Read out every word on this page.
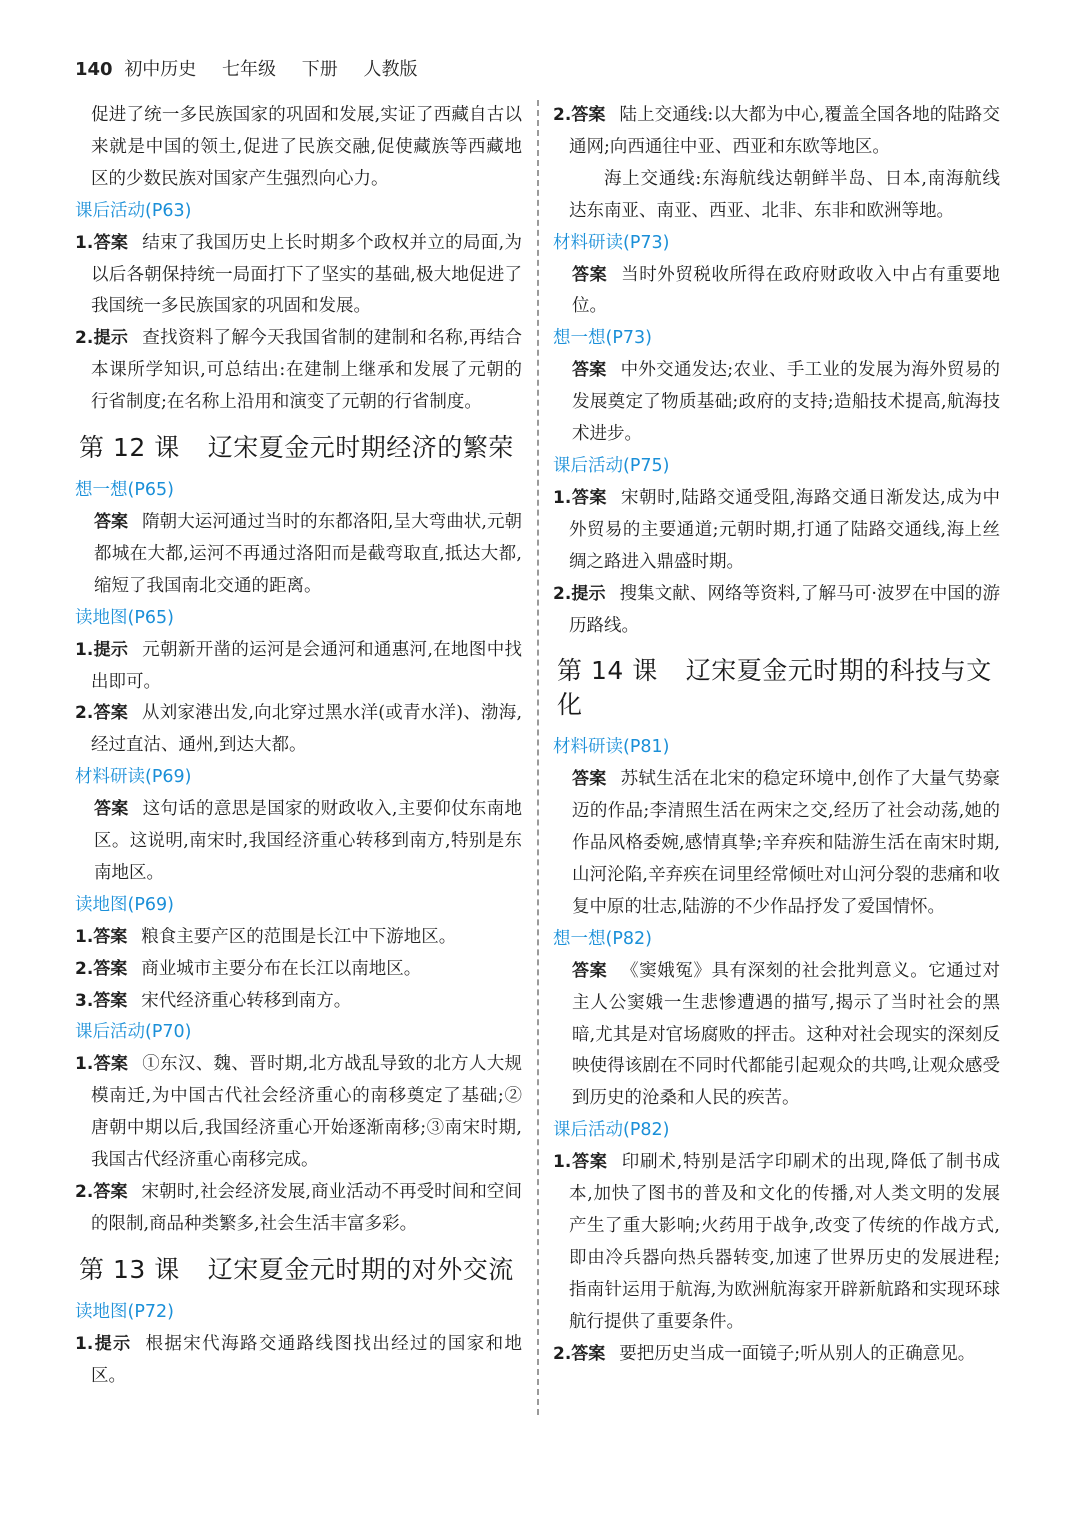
140 初中历史 七年级 下册 人教版

促进了统一多民族国家的巩固和发展,实证了西藏自古以来就是中国的领土,促进了民族交融,促使藏族等西藏地区的少数民族对国家产生强烈向心力。

课后活动(P63)

1.答案 结束了我国历史上长时期多个政权并立的局面,为以后各朝保持统一局面打下了坚实的基础,极大地促进了我国统一多民族国家的巩固和发展。

2.提示 查找资料了解今天我国省制的建制和名称,再结合本课所学知识,可总结出:在建制上继承和发展了元朝的行省制度;在名称上沿用和演变了元朝的行省制度。

第 12 课 辽宋夏金元时期经济的繁荣

想一想(P65)

答案 隋朝大运河通过当时的东都洛阳,呈大弯曲状,元朝都城在大都,运河不再通过洛阳而是截弯取直,抵达大都,缩短了我国南北交通的距离。

读地图(P65)

1.提示 元朝新开凿的运河是会通河和通惠河,在地图中找出即可。

2.答案 从刘家港出发,向北穿过黑水洋(或青水洋)、渤海,经过直沽、通州,到达大都。

材料研读(P69)

答案 这句话的意思是国家的财政收入,主要仰仗东南地区。这说明,南宋时,我国经济重心转移到南方,特别是东南地区。

读地图(P69)

1.答案 粮食主要产区的范围是长江中下游地区。

2.答案 商业城市主要分布在长江以南地区。

3.答案 宋代经济重心转移到南方。

课后活动(P70)

1.答案 ①东汉、魏、晋时期,北方战乱导致的北方人大规模南迁,为中国古代社会经济重心的南移奠定了基础;②唐朝中期以后,我国经济重心开始逐渐南移;③南宋时期,我国古代经济重心南移完成。

2.答案 宋朝时,社会经济发展,商业活动不再受时间和空间的限制,商品种类繁多,社会生活丰富多彩。

第 13 课 辽宋夏金元时期的对外交流

读地图(P72)

1.提示 根据宋代海路交通路线图找出经过的国家和地区。

2.答案 陆上交通线:以大都为中心,覆盖全国各地的陆路交通网;向西通往中亚、西亚和东欧等地区。

海上交通线:东海航线达朝鲜半岛、日本,南海航线达东南亚、南亚、西亚、北非、东非和欧洲等地。

材料研读(P73)

答案 当时外贸税收所得在政府财政收入中占有重要地位。

想一想(P73)

答案 中外交通发达;农业、手工业的发展为海外贸易的发展奠定了物质基础;政府的支持;造船技术提高,航海技术进步。

课后活动(P75)

1.答案 宋朝时,陆路交通受阻,海路交通日渐发达,成为中外贸易的主要通道;元朝时期,打通了陆路交通线,海上丝绸之路进入鼎盛时期。

2.提示 搜集文献、网络等资料,了解马可·波罗在中国的游历路线。

第 14 课 辽宋夏金元时期的科技与文化

材料研读(P81)

答案 苏轼生活在北宋的稳定环境中,创作了大量气势豪迈的作品;李清照生活在两宋之交,经历了社会动荡,她的作品风格委婉,感情真挚;辛弃疾和陆游生活在南宋时期,山河沦陷,辛弃疾在词里经常倾吐对山河分裂的悲痛和收复中原的壮志,陆游的不少作品抒发了爱国情怀。

想一想(P82)

答案 《窦娥冤》具有深刻的社会批判意义。它通过对主人公窦娥一生悲惨遭遇的描写,揭示了当时社会的黑暗,尤其是对官场腐败的抨击。这种对社会现实的深刻反映使得该剧在不同时代都能引起观众的共鸣,让观众感受到历史的沧桑和人民的疾苦。

课后活动(P82)

1.答案 印刷术,特别是活字印刷术的出现,降低了制书成本,加快了图书的普及和文化的传播,对人类文明的发展产生了重大影响;火药用于战争,改变了传统的作战方式,即由冷兵器向热兵器转变,加速了世界历史的发展进程;指南针运用于航海,为欧洲航海家开辟新航路和实现环球航行提供了重要条件。

2.答案 要把历史当成一面镜子;听从别人的正确意见。
